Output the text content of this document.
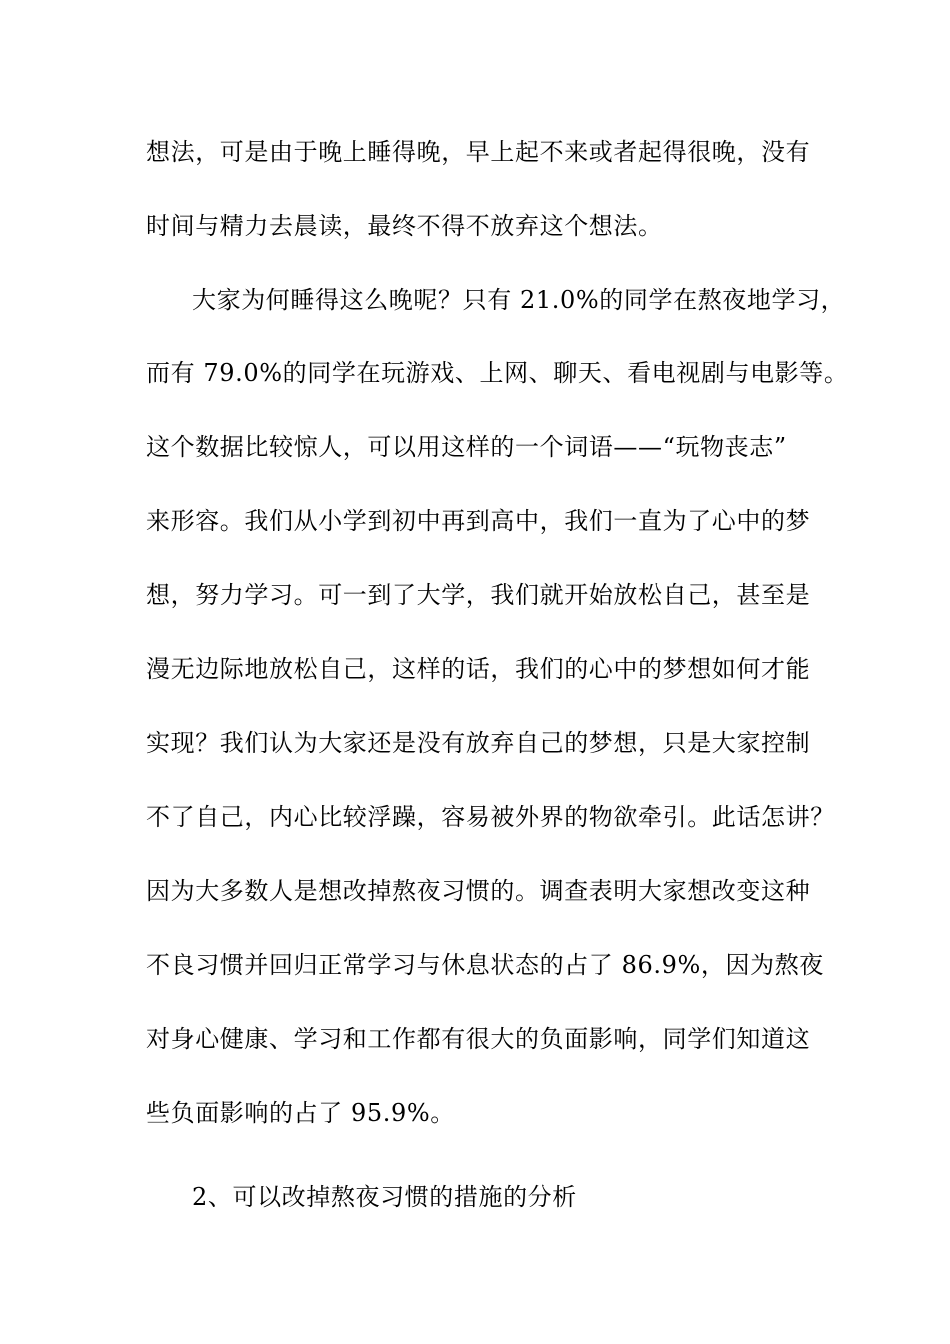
想法，可是由于晚上睡得晚，早上起不来或者起得很晚，没有

时间与精力去晨读，最终不得不放弃这个想法。

大家为何睡得这么晚呢？只有 21.0%的同学在熬夜地学习，

而有 79.0%的同学在玩游戏、上网、聊天、看电视剧与电影等。

这个数据比较惊人，可以用这样的一个词语——“玩物丧志”

来形容。我们从小学到初中再到高中，我们一直为了心中的梦

想，努力学习。可一到了大学，我们就开始放松自己，甚至是

漫无边际地放松自己，这样的话，我们的心中的梦想如何才能

实现？我们认为大家还是没有放弃自己的梦想，只是大家控制

不了自己，内心比较浮躁，容易被外界的物欲牵引。此话怎讲？

因为大多数人是想改掉熬夜习惯的。调查表明大家想改变这种

不良习惯并回归正常学习与休息状态的占了 86.9%，因为熬夜

对身心健康、学习和工作都有很大的负面影响，同学们知道这

些负面影响的占了 95.9%。

2、可以改掉熬夜习惯的措施的分析
